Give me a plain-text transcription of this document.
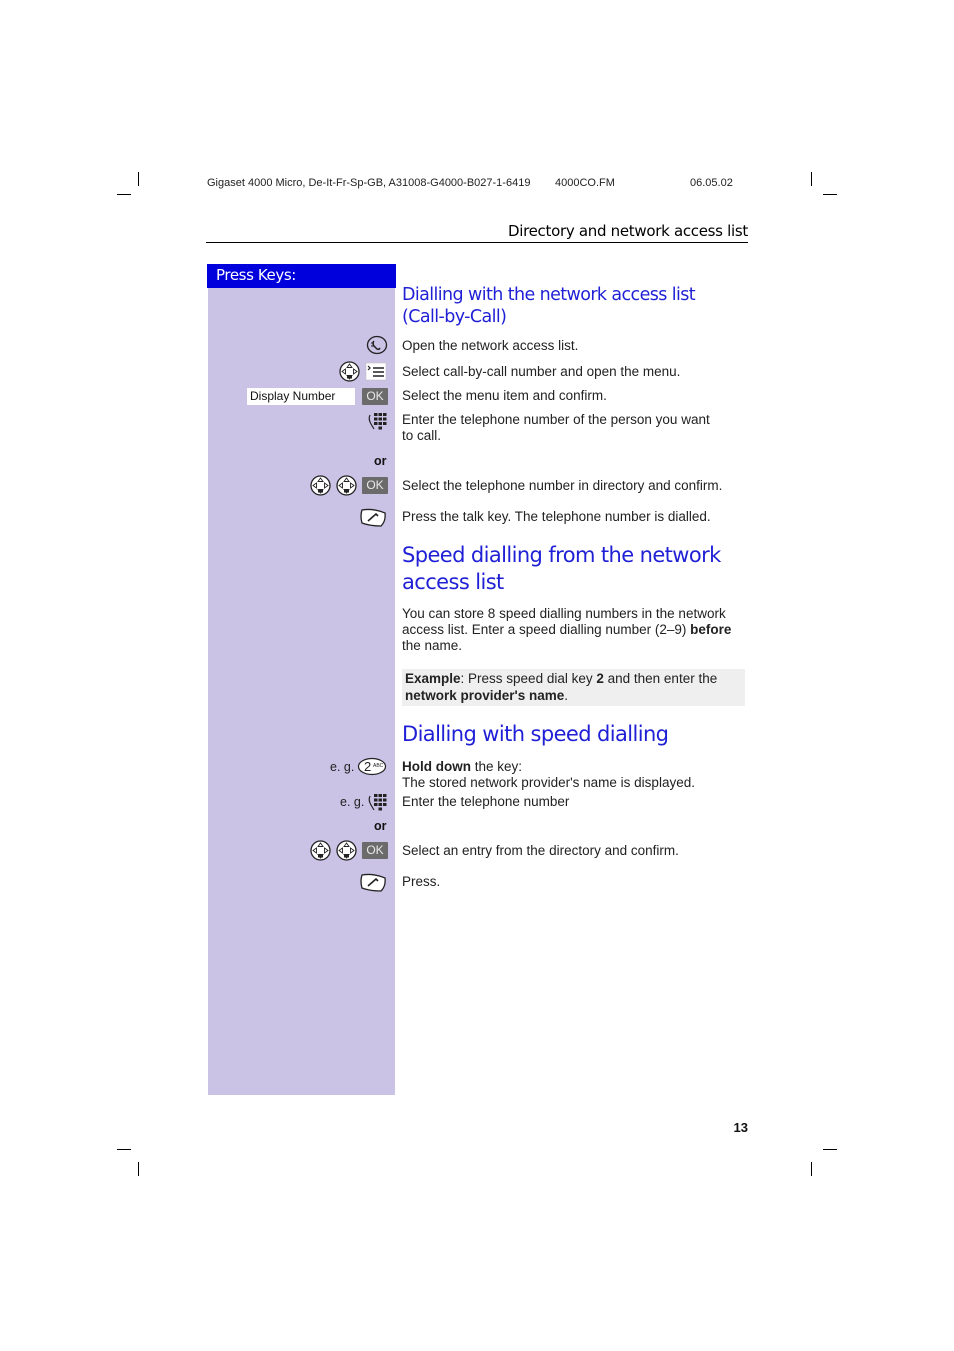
Gigaset 4000 Micro, De-It-Fr-Sp-GB, A31008-G4000-B027-1-6419 4000CO.FM	06.05.02
Directory and network access list
Press Keys:
Dialling with the network access list
(Call-by-Call)
Open the network access list.
Select call-by-call number and open the menu.
Display Number	OK	Select the menu item and confirm.
Enter the telephone number of the person you want
to call.
or
OK	Select the telephone number in directory and confirm.
Press the talk key. The telephone number is dialled.
Speed dialling from the network
access list
You can store 8 speed dialling numbers in the network
access list. Enter a speed dialling number (2–9) before
the name.
Example: Press speed dial key 2 and then enter the
network provider's name.
Dialling with speed dialling
e. g. 2 ABC Hold down the key:
The stored network provider's name is displayed.
e. g.	Enter the telephone number
or
OK	Select an entry from the directory and confirm.
Press.
13
